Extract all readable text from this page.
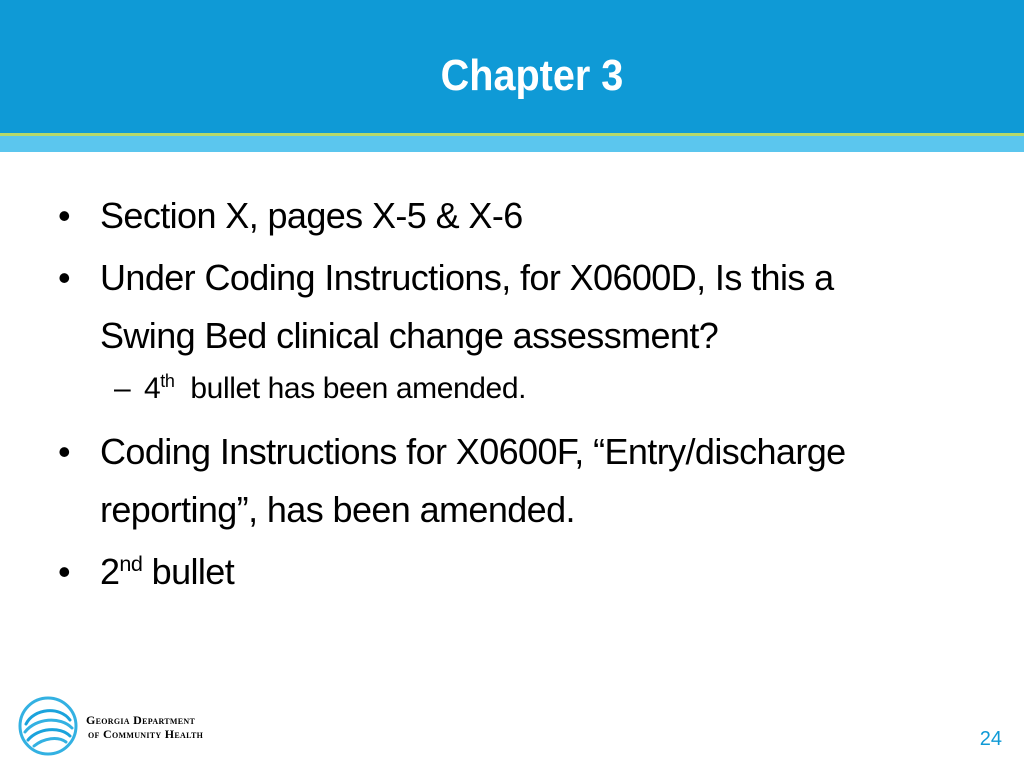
Chapter 3
• Section X, pages X-5 & X-6
• Under Coding Instructions, for X0600D, Is this a
Swing Bed clinical change assessment?
– 4th  bullet has been amended.
• Coding Instructions for X0600F, “Entry/discharge
reporting”, has been amended.
• 2nd bullet
Georgia Department
of Community Health	24
